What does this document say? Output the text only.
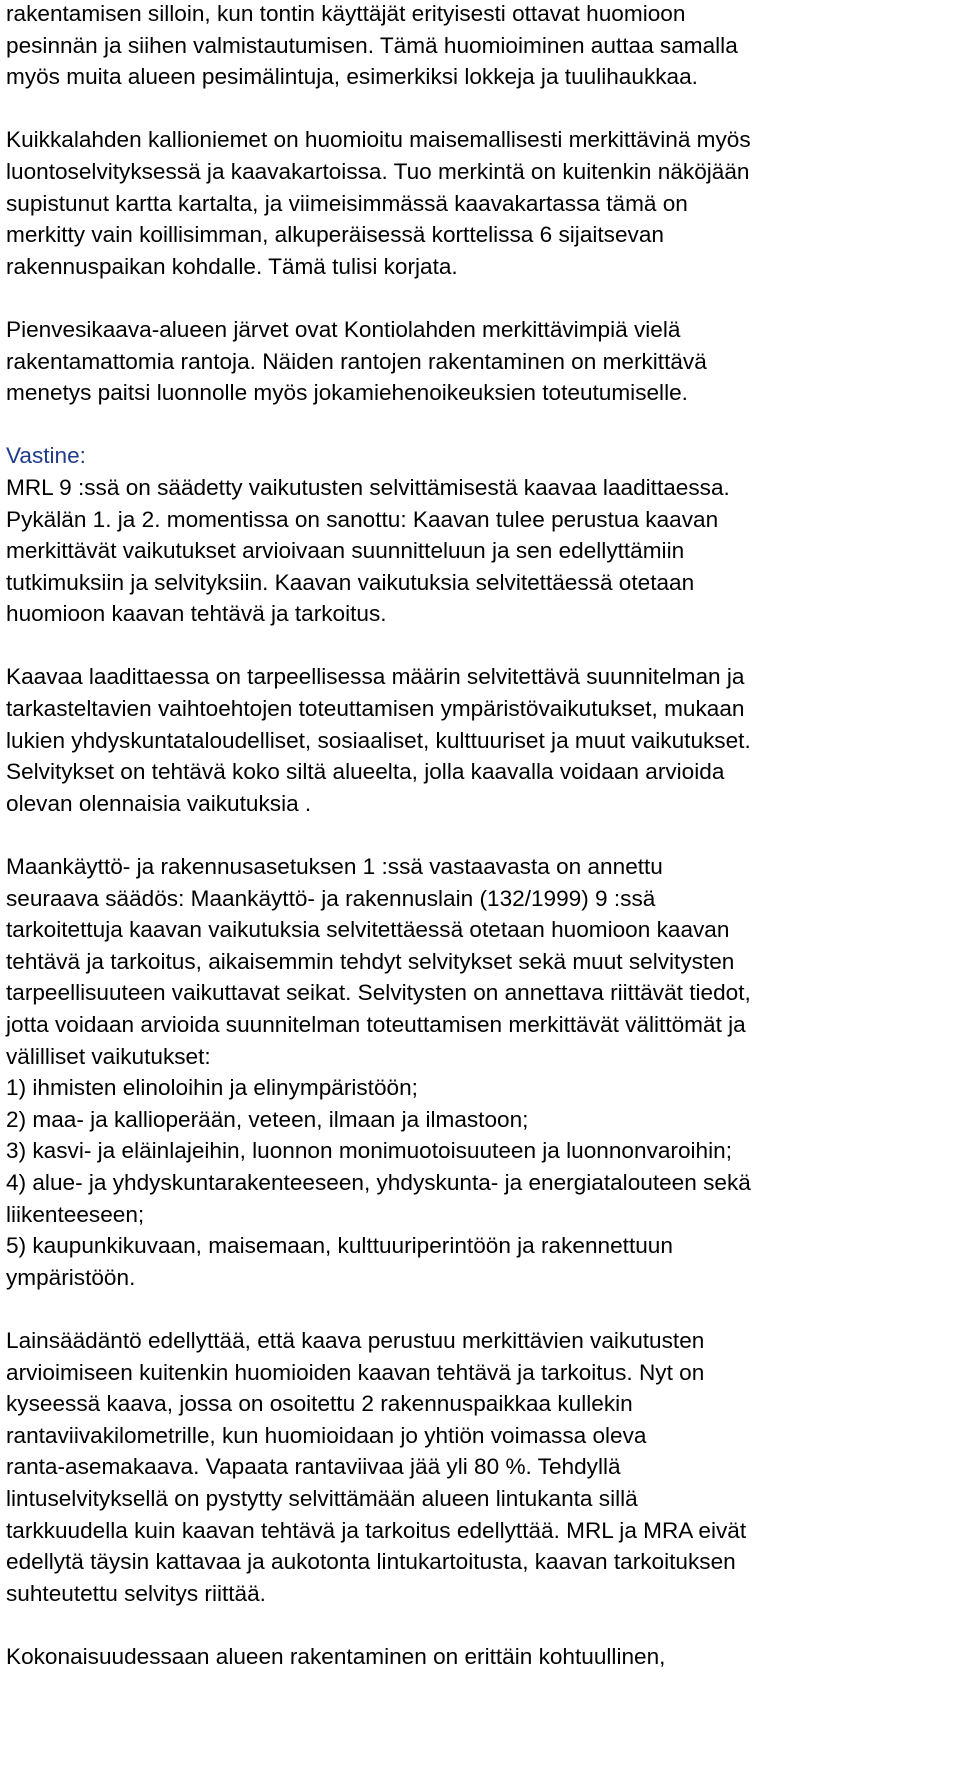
rakentamisen silloin, kun tontin käyttäjät erityisesti ottavat huomioon
pesinnän ja siihen valmistautumisen. Tämä huomioiminen auttaa samalla
myös muita alueen pesimälintuja, esimerkiksi lokkeja ja tuulihaukkaa.
Kuikkalahden kallioniemet on huomioitu maisemallisesti merkittävinä myös
luontoselvityksessä ja kaavakartoissa. Tuo merkintä on kuitenkin näköjään
supistunut kartta kartalta, ja viimeisimmässä kaavakartassa tämä on
merkitty vain koillisimman, alkuperäisessä korttelissa 6 sijaitsevan
rakennuspaikan kohdalle. Tämä tulisi korjata.
Pienvesikaava-alueen järvet ovat Kontiolahden merkittävimpiä vielä
rakentamattomia rantoja. Näiden rantojen rakentaminen on merkittävä
menetys paitsi luonnolle myös jokamiehenoikeuksien toteutumiselle.
Vastine:
MRL 9 :ssä on säädetty vaikutusten selvittämisestä kaavaa laadittaessa.
Pykälän 1. ja 2. momentissa on sanottu: Kaavan tulee perustua kaavan
merkittävät vaikutukset arvioivaan suunnitteluun ja sen edellyttämiin
tutkimuksiin ja selvityksiin. Kaavan vaikutuksia selvitettäessä otetaan
huomioon kaavan tehtävä ja tarkoitus.
Kaavaa laadittaessa on tarpeellisessa määrin selvitettävä suunnitelman ja
tarkasteltavien vaihtoehtojen toteuttamisen ympäristövaikutukset, mukaan
lukien yhdyskuntataloudelliset, sosiaaliset, kulttuuriset ja muut vaikutukset.
Selvitykset on tehtävä koko siltä alueelta, jolla kaavalla voidaan arvioida
olevan olennaisia vaikutuksia .
Maankäyttö- ja rakennusasetuksen 1 :ssä vastaavasta on annettu
seuraava säädös: Maankäyttö- ja rakennuslain (132/1999) 9 :ssä
tarkoitettuja kaavan vaikutuksia selvitettäessä otetaan huomioon kaavan
tehtävä ja tarkoitus, aikaisemmin tehdyt selvitykset sekä muut selvitysten
tarpeellisuuteen vaikuttavat seikat. Selvitysten on annettava riittävät tiedot,
jotta voidaan arvioida suunnitelman toteuttamisen merkittävät välittömät ja
välilliset vaikutukset:
1) ihmisten elinoloihin ja elinympäristöön;
2) maa- ja kallioperään, veteen, ilmaan ja ilmastoon;
3) kasvi- ja eläinlajeihin, luonnon monimuotoisuuteen ja luonnonvaroihin;
4) alue- ja yhdyskuntarakenteeseen, yhdyskunta- ja energiatalouteen sekä
liikenteeseen;
5) kaupunkikuvaan, maisemaan, kulttuuriperintöön ja rakennettuun
ympäristöön.
Lainsäädäntö edellyttää, että kaava perustuu merkittävien vaikutusten
arvioimiseen kuitenkin huomioiden kaavan tehtävä ja tarkoitus. Nyt on
kyseessä kaava, jossa on osoitettu 2 rakennuspaikkaa kullekin
rantaviivakilometrille, kun huomioidaan jo yhtiön voimassa oleva
ranta-asemakaava. Vapaata rantaviivaa jää yli 80 %. Tehdyllä
lintuselvityksellä on pystytty selvittämään alueen lintukanta sillä
tarkkuudella kuin kaavan tehtävä ja tarkoitus edellyttää. MRL ja MRA eivät
edellytä täysin kattavaa ja aukotonta lintukartoitusta, kaavan tarkoituksen
suhteutettu selvitys riittää.
Kokonaisuudessaan alueen rakentaminen on erittäin kohtuullinen,
